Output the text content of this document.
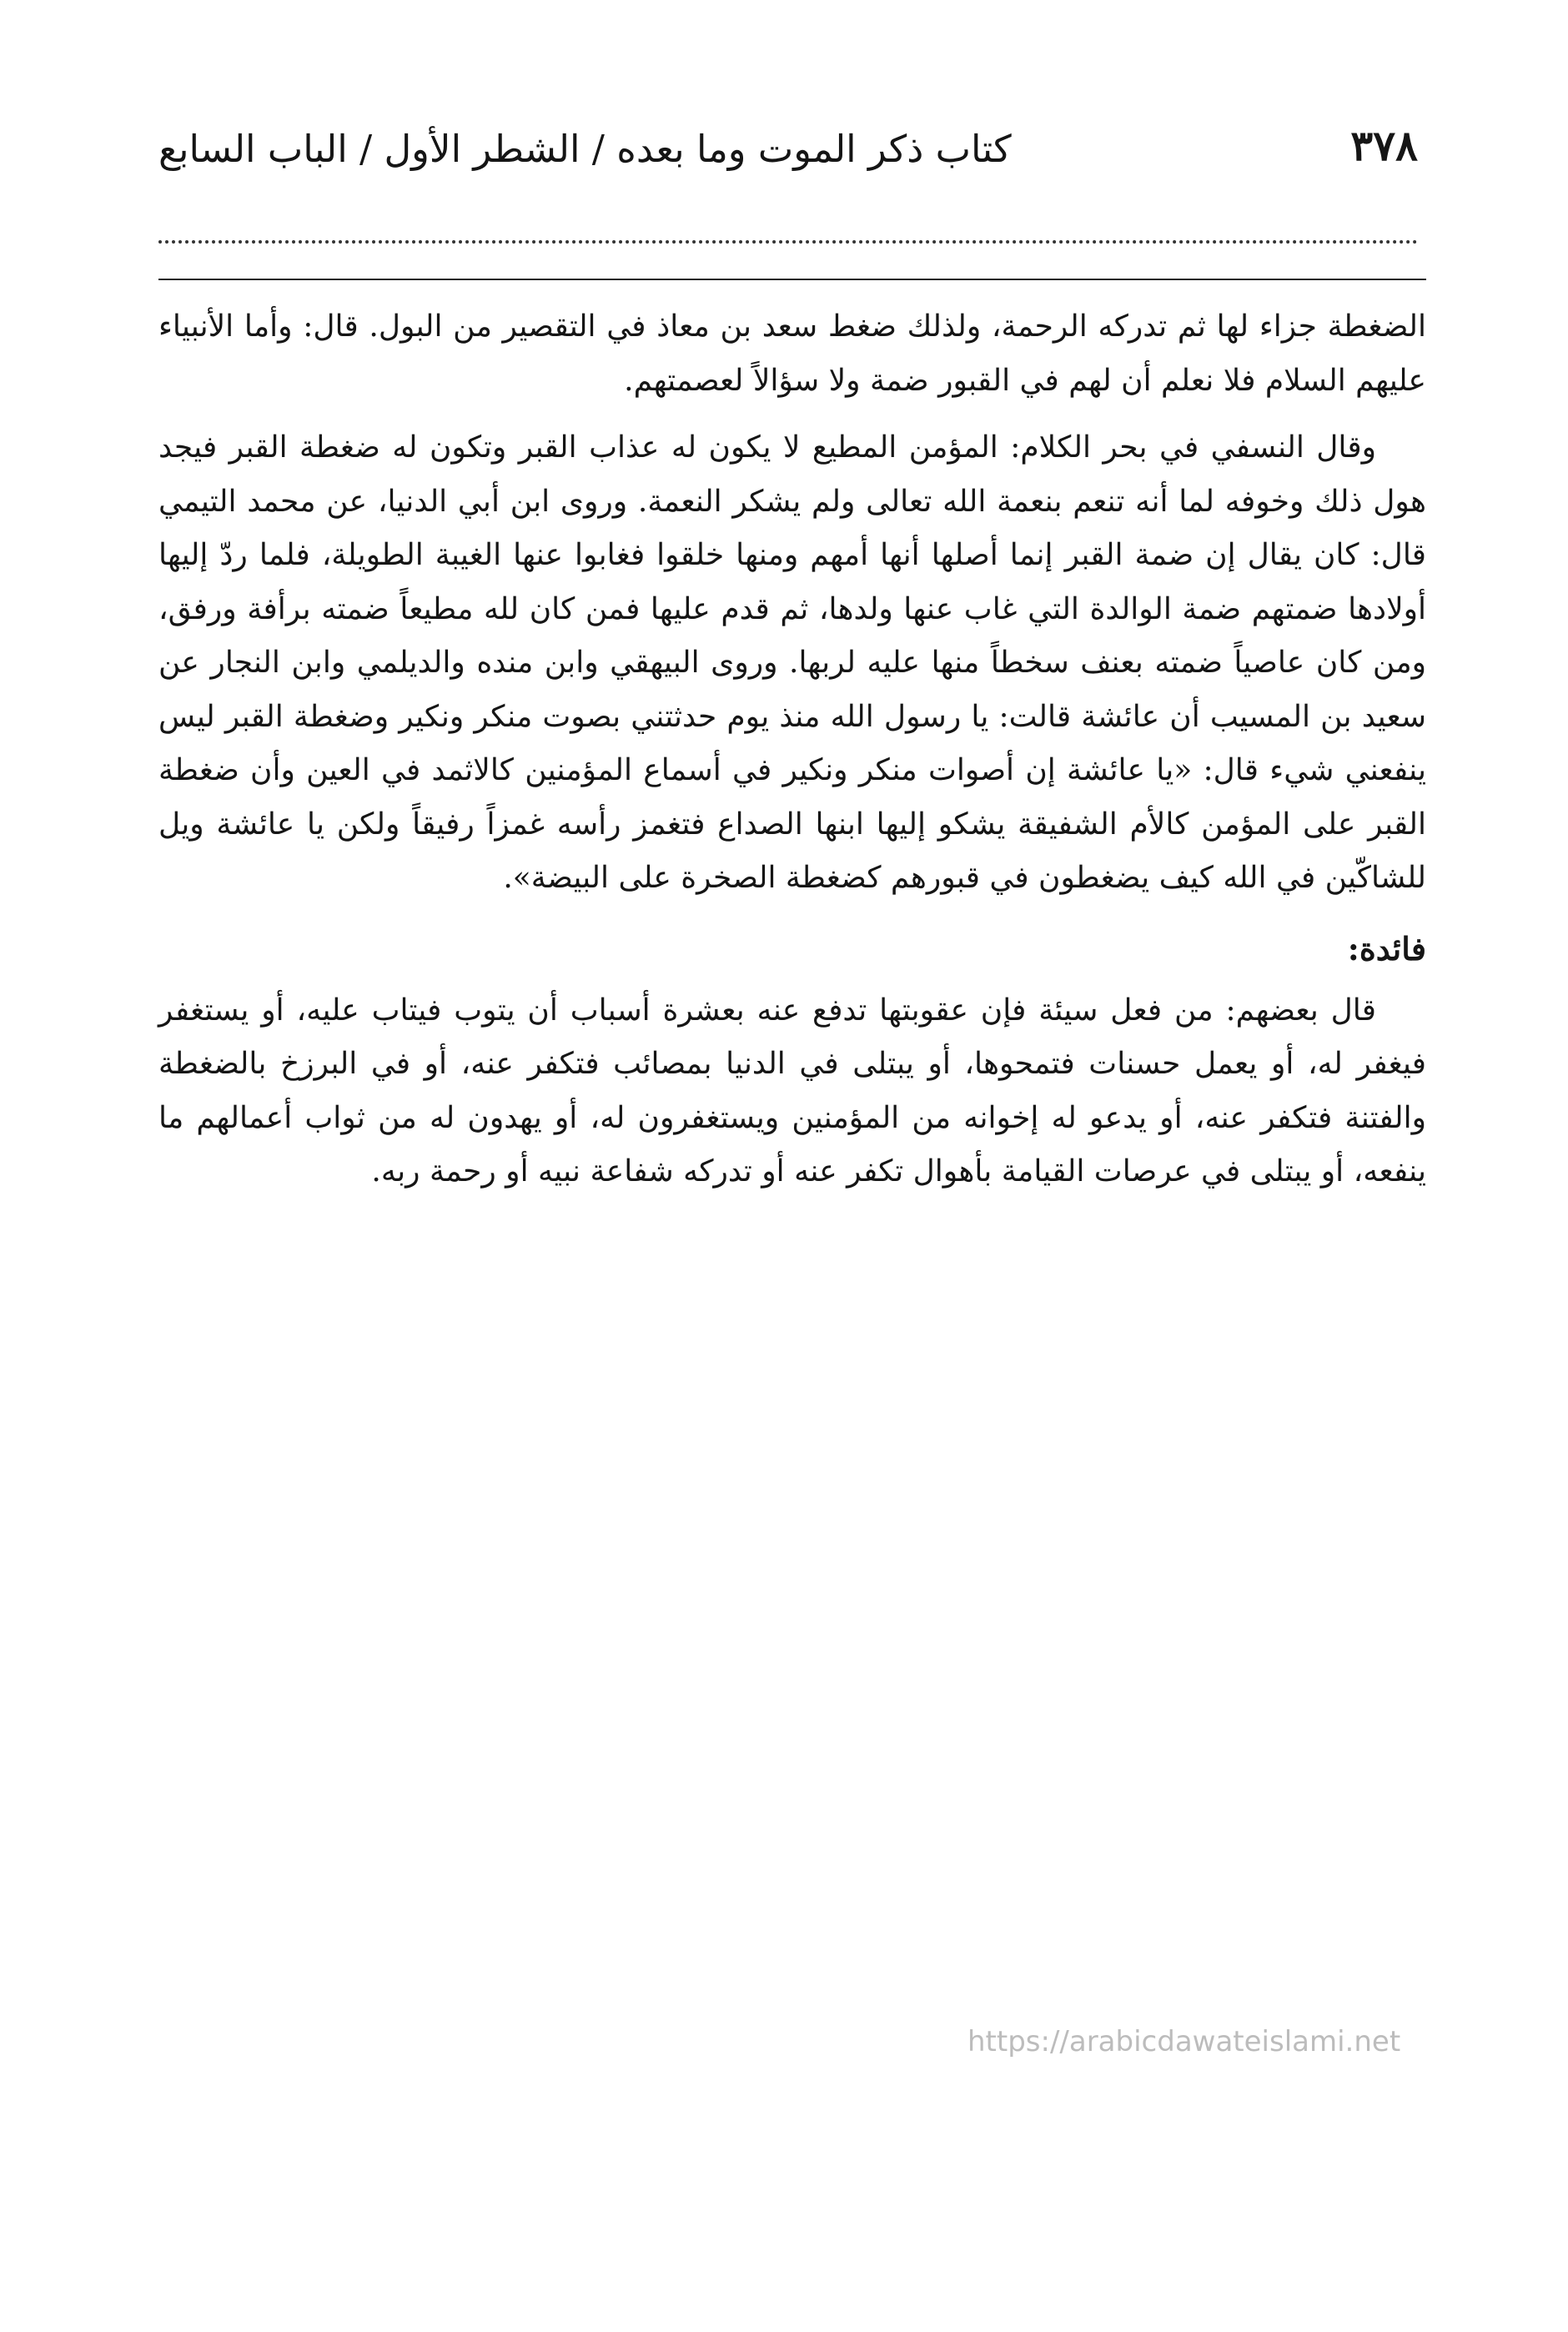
٣٧٨
كتاب ذكر الموت وما بعده / الشطر الأول / الباب السابع

الضغطة جزاء لها ثم تدركه الرحمة، ولذلك ضغط سعد بن معاذ في التقصير من البول. قال: وأما الأنبياء عليهم السلام فلا نعلم أن لهم في القبور ضمة ولا سؤالاً لعصمتهم.

وقال النسفي في بحر الكلام: المؤمن المطيع لا يكون له عذاب القبر وتكون له ضغطة القبر فيجد هول ذلك وخوفه لما أنه تنعم بنعمة الله تعالى ولم يشكر النعمة. وروى ابن أبي الدنيا، عن محمد التيمي قال: كان يقال إن ضمة القبر إنما أصلها أنها أمهم ومنها خلقوا فغابوا عنها الغيبة الطويلة، فلما ردّ إليها أولادها ضمتهم ضمة الوالدة التي غاب عنها ولدها، ثم قدم عليها فمن كان لله مطيعاً ضمته برأفة ورفق، ومن كان عاصياً ضمته بعنف سخطاً منها عليه لربها. وروى البيهقي وابن منده والديلمي وابن النجار عن سعيد بن المسيب أن عائشة قالت: يا رسول الله منذ يوم حدثتني بصوت منكر ونكير وضغطة القبر ليس ينفعني شيء قال: «يا عائشة إن أصوات منكر ونكير في أسماع المؤمنين كالاثمد في العين وأن ضغطة القبر على المؤمن كالأم الشفيقة يشكو إليها ابنها الصداع فتغمز رأسه غمزاً رفيقاً ولكن يا عائشة ويل للشاكّين في الله كيف يضغطون في قبورهم كضغطة الصخرة على البيضة».

فائدة:

قال بعضهم: من فعل سيئة فإن عقوبتها تدفع عنه بعشرة أسباب أن يتوب فيتاب عليه، أو يستغفر فيغفر له، أو يعمل حسنات فتمحوها، أو يبتلى في الدنيا بمصائب فتكفر عنه، أو في البرزخ بالضغطة والفتنة فتكفر عنه، أو يدعو له إخوانه من المؤمنين ويستغفرون له، أو يهدون له من ثواب أعمالهم ما ينفعه، أو يبتلى في عرصات القيامة بأهوال تكفر عنه أو تدركه شفاعة نبيه أو رحمة ربه.

https://arabicdawateislami.net
